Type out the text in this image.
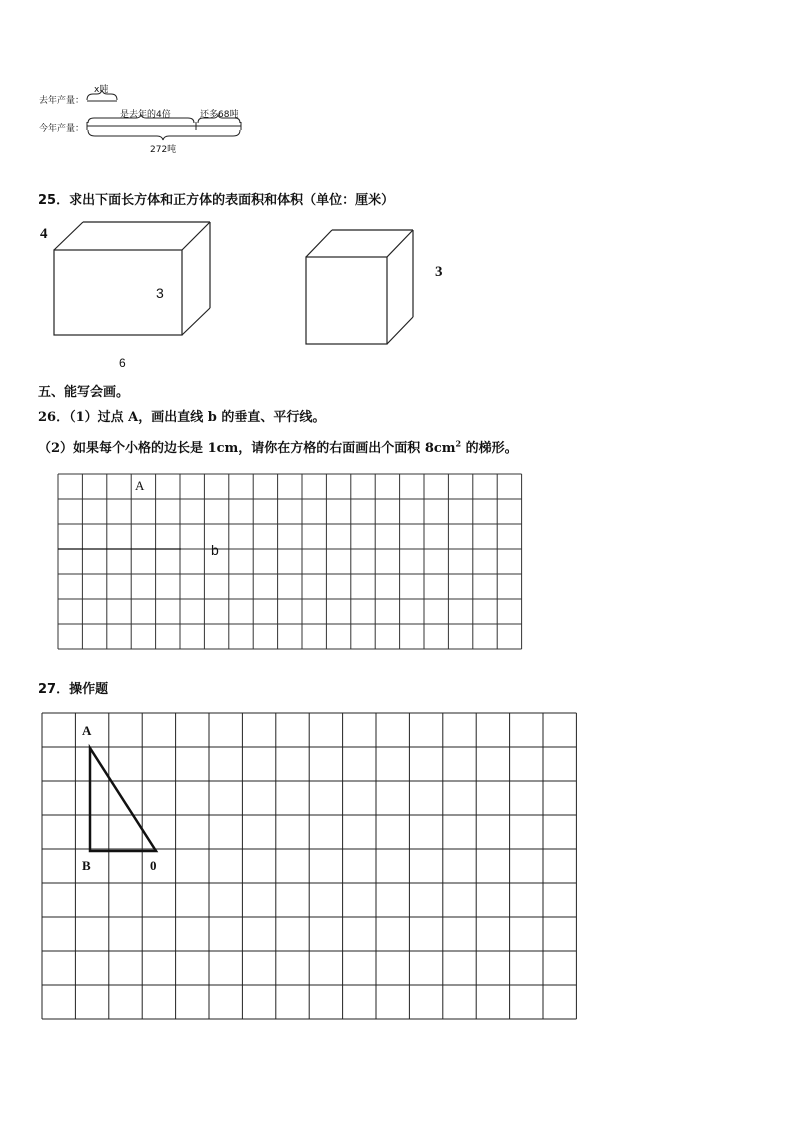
去年产量：
x吨
今年产量：
是去年的4倍	还多68吨
272吨
25．求出下面长方体和正方体的表面积和体积（单位：厘米）
4
3
6
3
五、能写会画。
26．（1）过点 A，画出直线 b 的垂直、平行线。
（2）如果每个小格的边长是 1cm，请你在方格的右面画出个面积 $8cm^2$ 的梯形。
A
b
27．操作题
A
B	0
